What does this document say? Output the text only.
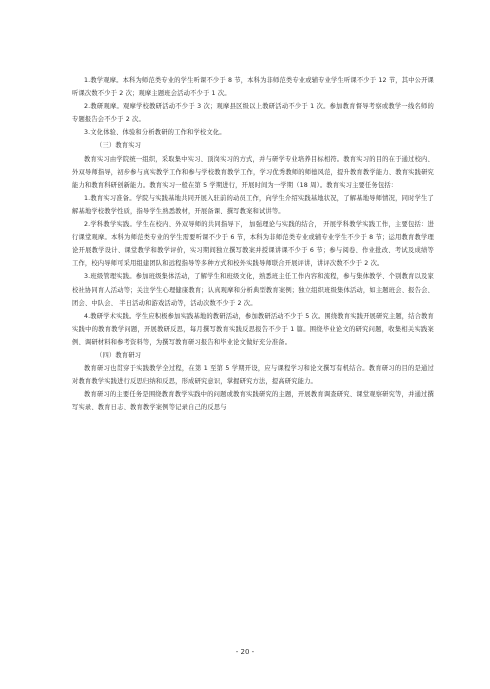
1.教学观摩。本科为师范类专业的学生听课不少于 8 节，本科为非师范类专业或辅专业学生听课不少于 12 节，其中公开课听课次数不少于 2 次；观摩主题班会活动不少于 1 次。

2.教研观摩。观摩学校教研活动不少于 3 次；观摩县区级以上教研活动不少于 1 次。参加教育督导考察或教学一线名师的专题报告会不少于 2 次。

3.文化体验、体验和分析教研的工作和学校文化。

（三）教育实习

教育实习由学院统一组织，采取集中实习、顶岗实习的方式，并与研学专业培养目标相符。教育实习的目的在于通过校内、外双导师指导，初步参与真实教学工作和参与学校教育教学工作，学习优秀教师的师德风范，提升教育教学能力、教育实践研究能力和教育科研创新能力。教育实习一般在第 5 学期进行，开展时间为一学期（18 周）。教育实习主要任务包括：

1.教育实习准备。学院与实践基地共同开展入驻前的动员工作，向学生介绍实践基地状况，了解基地导师情况，同时学生了解基地学校教学性质，指导学生熟悉教材，开展备课、撰写教案和试讲等。

2.学科教学实践。学生在校内、外双导师的共同指导下， 加强理论与实践的结合， 开展学科教学实践工作，主要包括：进行课堂观摩。本科为师范类专业的学生需要听课不少于 6 节，本科为非师范类专业或辅专业学生不少于 8 节；运用教育教学理论开展教学设计、课堂教学和教学评价，实习期间独立撰写教案并授课讲课不少于 6 节；参与阅卷、作业批改、考试及成绩等工作，校内导师可采用组建团队和远程指导等多种方式和校外实践导师联合开展评讲，讲评次数不少于 2 次。

3.班级管理实践。参加班级集体活动，了解学生和班级文化，熟悉班主任工作内容和流程，参与集体教学、个别教育以及家校社协同育人活动等；关注学生心理健康教育；认真观摩和分析典型教育案例；独立组织班级集体活动，如主题班会、报告会、团会、中队会、 半日活动和游戏活动等，活动次数不少于 2 次。

4.教研学术实践。学生应积极参加实践基地的教研活动，参加教研活动不少于 5 次。围绕教育实践开展研究主题，结合教育实践中的教育教学问题，开展教研反思，每月撰写教育实践反思报告不少于 1 篇。围绕毕业论文的研究问题，收集相关实践案例、调研材料和参考资料等，为撰写教育研习报告和毕业论文做好充分准备。

（四）教育研习

教育研习也贯穿于实践教学全过程，在第 1 至第 5 学期开设，应与课程学习和论文撰写有机结合。教育研习的目的是通过对教育教学实践进行反思归纳和反思，形成研究意识，掌握研究方法，提高研究能力。

教育研习的主要任务是围绕教育教学实践中的问题或教育实践研究的主题，开展教育调查研究、课堂观察研究等，并通过撰写实录、教育日志、教育教学案例等记录自己的反思与

- 20 -
